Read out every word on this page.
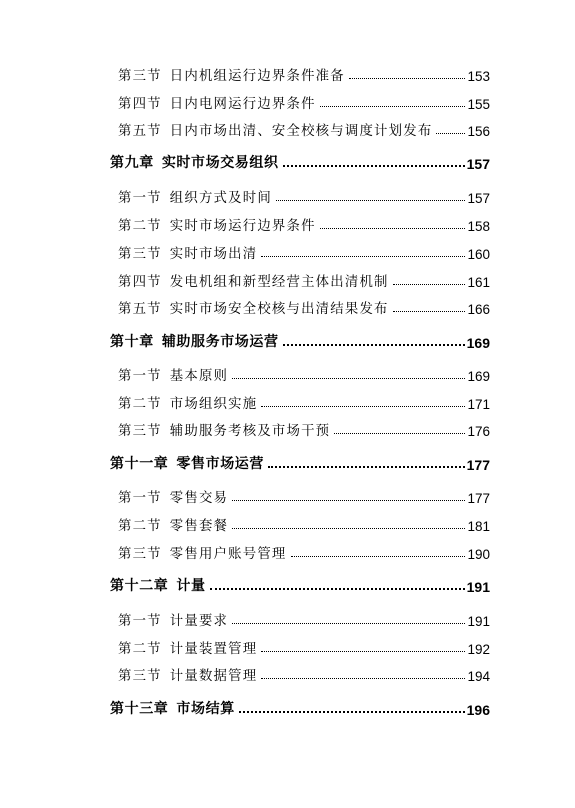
第三节 日内机组运行边界条件准备	153
第四节 日内电网运行边界条件	155
第五节 日内市场出清、安全校核与调度计划发布	156
第九章 实时市场交易组织	157
第一节 组织方式及时间	157
第二节 实时市场运行边界条件	158
第三节 实时市场出清	160
第四节 发电机组和新型经营主体出清机制	161
第五节 实时市场安全校核与出清结果发布	166
第十章 辅助服务市场运营	169
第一节 基本原则	169
第二节 市场组织实施	171
第三节 辅助服务考核及市场干预	176
第十一章 零售市场运营	177
第一节 零售交易	177
第二节 零售套餐	181
第三节 零售用户账号管理	190
第十二章 计量	191
第一节 计量要求	191
第二节 计量装置管理	192
第三节 计量数据管理	194
第十三章 市场结算	196
